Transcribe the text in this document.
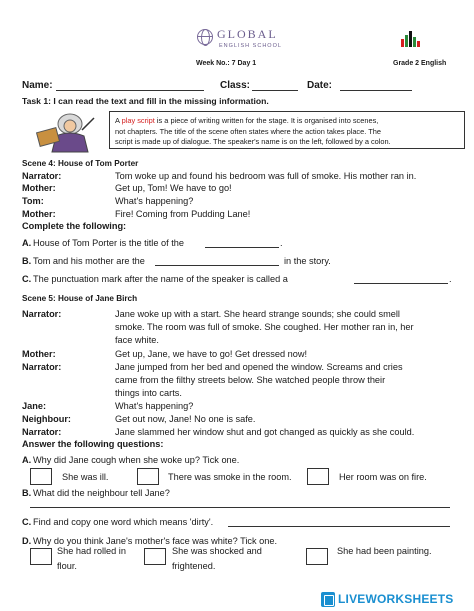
GLOBAL
ENGLISH SCHOOL
Week No.: 7 Day 1	Grade 2 English
Name:	Class:	Date:
Task 1: I can read the text and fill in the missing information.
A play script is a piece of writing written for the stage. It is organised into scenes,
not chapters. The title of the scene often states where the action takes place. The
script is made up of dialogue. The speaker's name is on the left, followed by a colon.
Scene 4: House of Tom Porter
Narrator:	Tom woke up and found his bedroom was full of smoke. His mother ran in.
Mother:	Get up, Tom! We have to go!
Tom:	What's happening?
Mother:	Fire! Coming from Pudding Lane!
Complete the following:
A. House of Tom Porter is the title of the	.
B. Tom and his mother are the	in the story.
C. The punctuation mark after the name of the speaker is called a	.
Scene 5: House of Jane Birch
Narrator:	Jane woke up with a start. She heard strange sounds; she could smell
smoke. The room was full of smoke. She coughed. Her mother ran in, her
face white.
Mother:	Get up, Jane, we have to go! Get dressed now!
Narrator:	Jane jumped from her bed and opened the window. Screams and cries
came from the filthy streets below. She watched people throw their
things into carts.
Jane:	What's happening?
Neighbour:	Get out now, Jane! No one is safe.
Narrator:	Jane slammed her window shut and got changed as quickly as she could.
Answer the following questions:
A. Why did Jane cough when she woke up? Tick one.
She was ill.	There was smoke in the room.	Her room was on fire.
B. What did the neighbour tell Jane?
C. Find and copy one word which means 'dirty'.
D. Why do you think Jane's mother's face was white? Tick one.
She had rolled in
flour.
She was shocked and
frightened.
She had been painting.
LIVEWORKSHEETS
